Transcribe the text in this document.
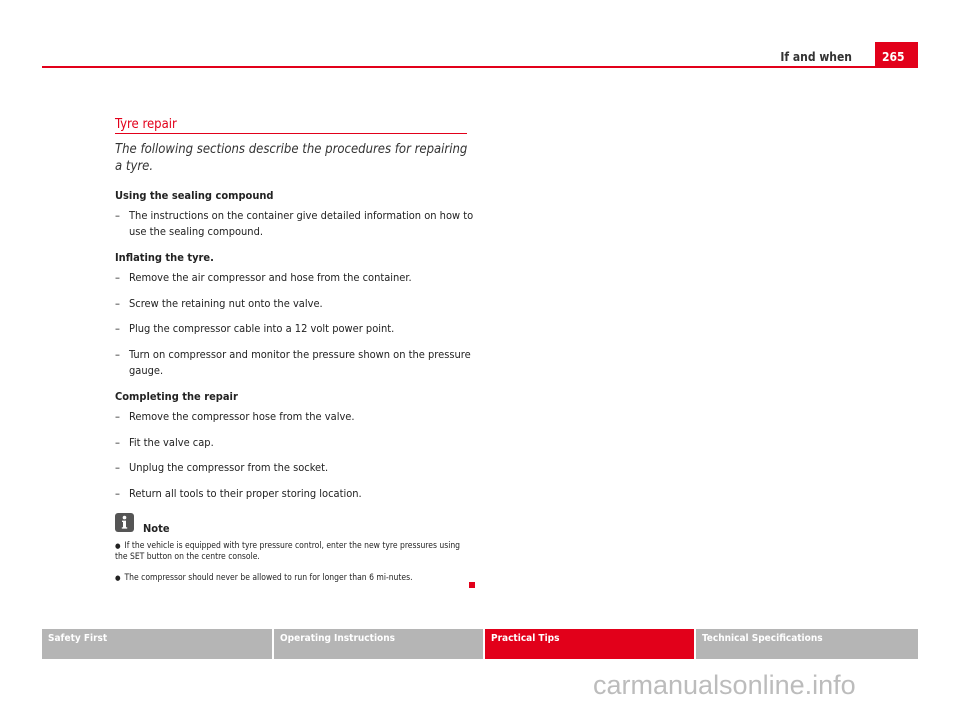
If and when	265
Tyre repair
The following sections describe the procedures for repairing a tyre.
Using the sealing compound
– The instructions on the container give detailed information on how to use the sealing compound.
Inflating the tyre.
– Remove the air compressor and hose from the container.
– Screw the retaining nut onto the valve.
– Plug the compressor cable into a 12 volt power point.
– Turn on compressor and monitor the pressure shown on the pressure gauge.
Completing the repair
– Remove the compressor hose from the valve.
– Fit the valve cap.
– Unplug the compressor from the socket.
– Return all tools to their proper storing location.
Note
● If the vehicle is equipped with tyre pressure control, enter the new tyre pressures using the SET button on the centre console.
● The compressor should never be allowed to run for longer than 6 mi-nutes.
Safety First	Operating Instructions	Practical Tips	Technical Specifications
carmanualsonline.info
